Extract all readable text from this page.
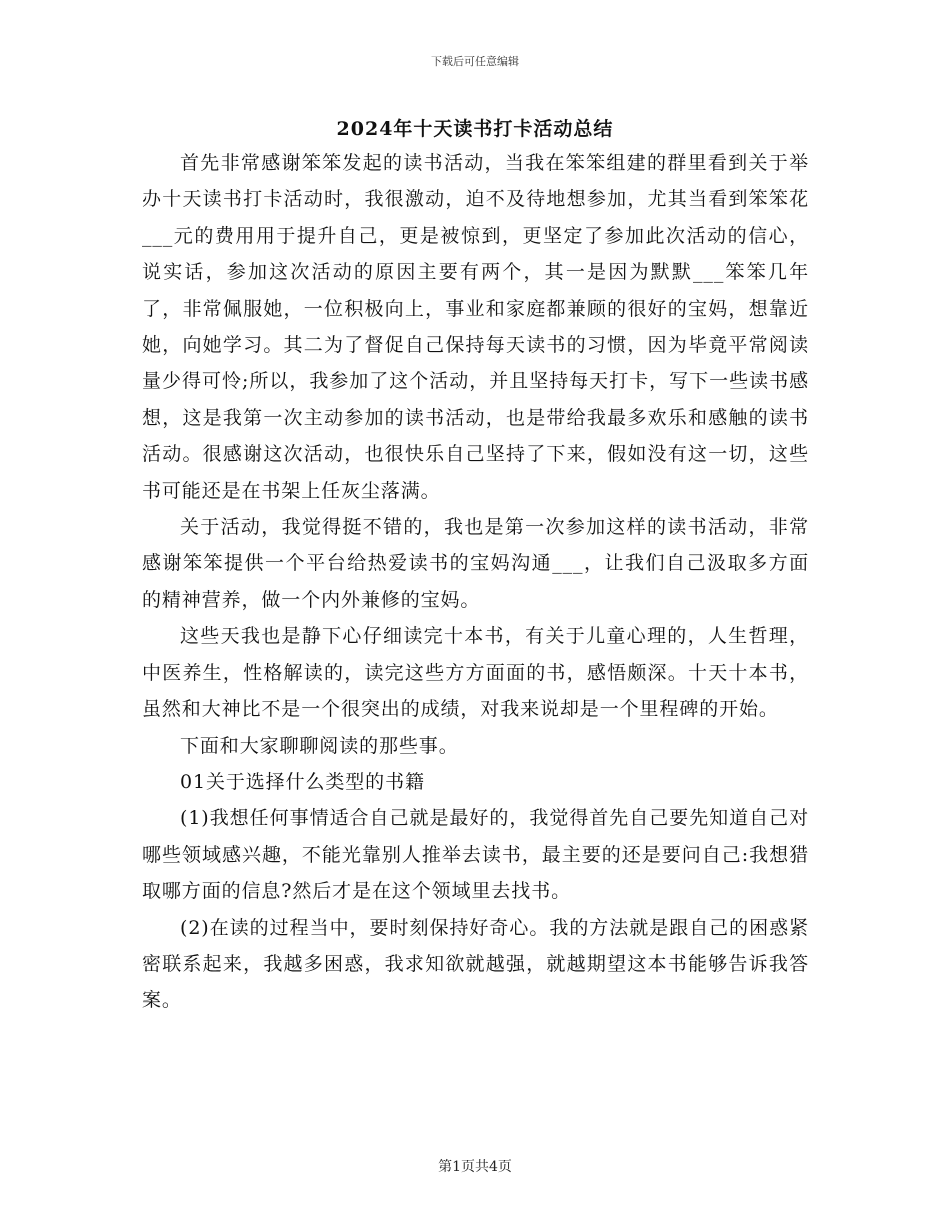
下载后可任意编辑
2024年十天读书打卡活动总结

首先非常感谢笨笨发起的读书活动，当我在笨笨组建的群里看到关于举办十天读书打卡活动时，我很激动，迫不及待地想参加，尤其当看到笨笨花___元的费用用于提升自己，更是被惊到，更坚定了参加此次活动的信心，说实话，参加这次活动的原因主要有两个，其一是因为默默___笨笨几年了，非常佩服她，一位积极向上，事业和家庭都兼顾的很好的宝妈，想靠近她，向她学习。其二为了督促自己保持每天读书的习惯，因为毕竟平常阅读量少得可怜;所以，我参加了这个活动，并且坚持每天打卡，写下一些读书感想，这是我第一次主动参加的读书活动，也是带给我最多欢乐和感触的读书活动。很感谢这次活动，也很快乐自己坚持了下来，假如没有这一切，这些书可能还是在书架上任灰尘落满。

关于活动，我觉得挺不错的，我也是第一次参加这样的读书活动，非常感谢笨笨提供一个平台给热爱读书的宝妈沟通___，让我们自己汲取多方面的精神营养，做一个内外兼修的宝妈。

这些天我也是静下心仔细读完十本书，有关于儿童心理的，人生哲理，中医养生，性格解读的，读完这些方方面面的书，感悟颇深。十天十本书，虽然和大神比不是一个很突出的成绩，对我来说却是一个里程碑的开始。

下面和大家聊聊阅读的那些事。

01关于选择什么类型的书籍

(1)我想任何事情适合自己就是最好的，我觉得首先自己要先知道自己对哪些领域感兴趣，不能光靠别人推举去读书，最主要的还是要问自己:我想猎取哪方面的信息?然后才是在这个领域里去找书。

(2)在读的过程当中，要时刻保持好奇心。我的方法就是跟自己的困惑紧密联系起来，我越多困惑，我求知欲就越强，就越期望这本书能够告诉我答案。

第1页共4页
